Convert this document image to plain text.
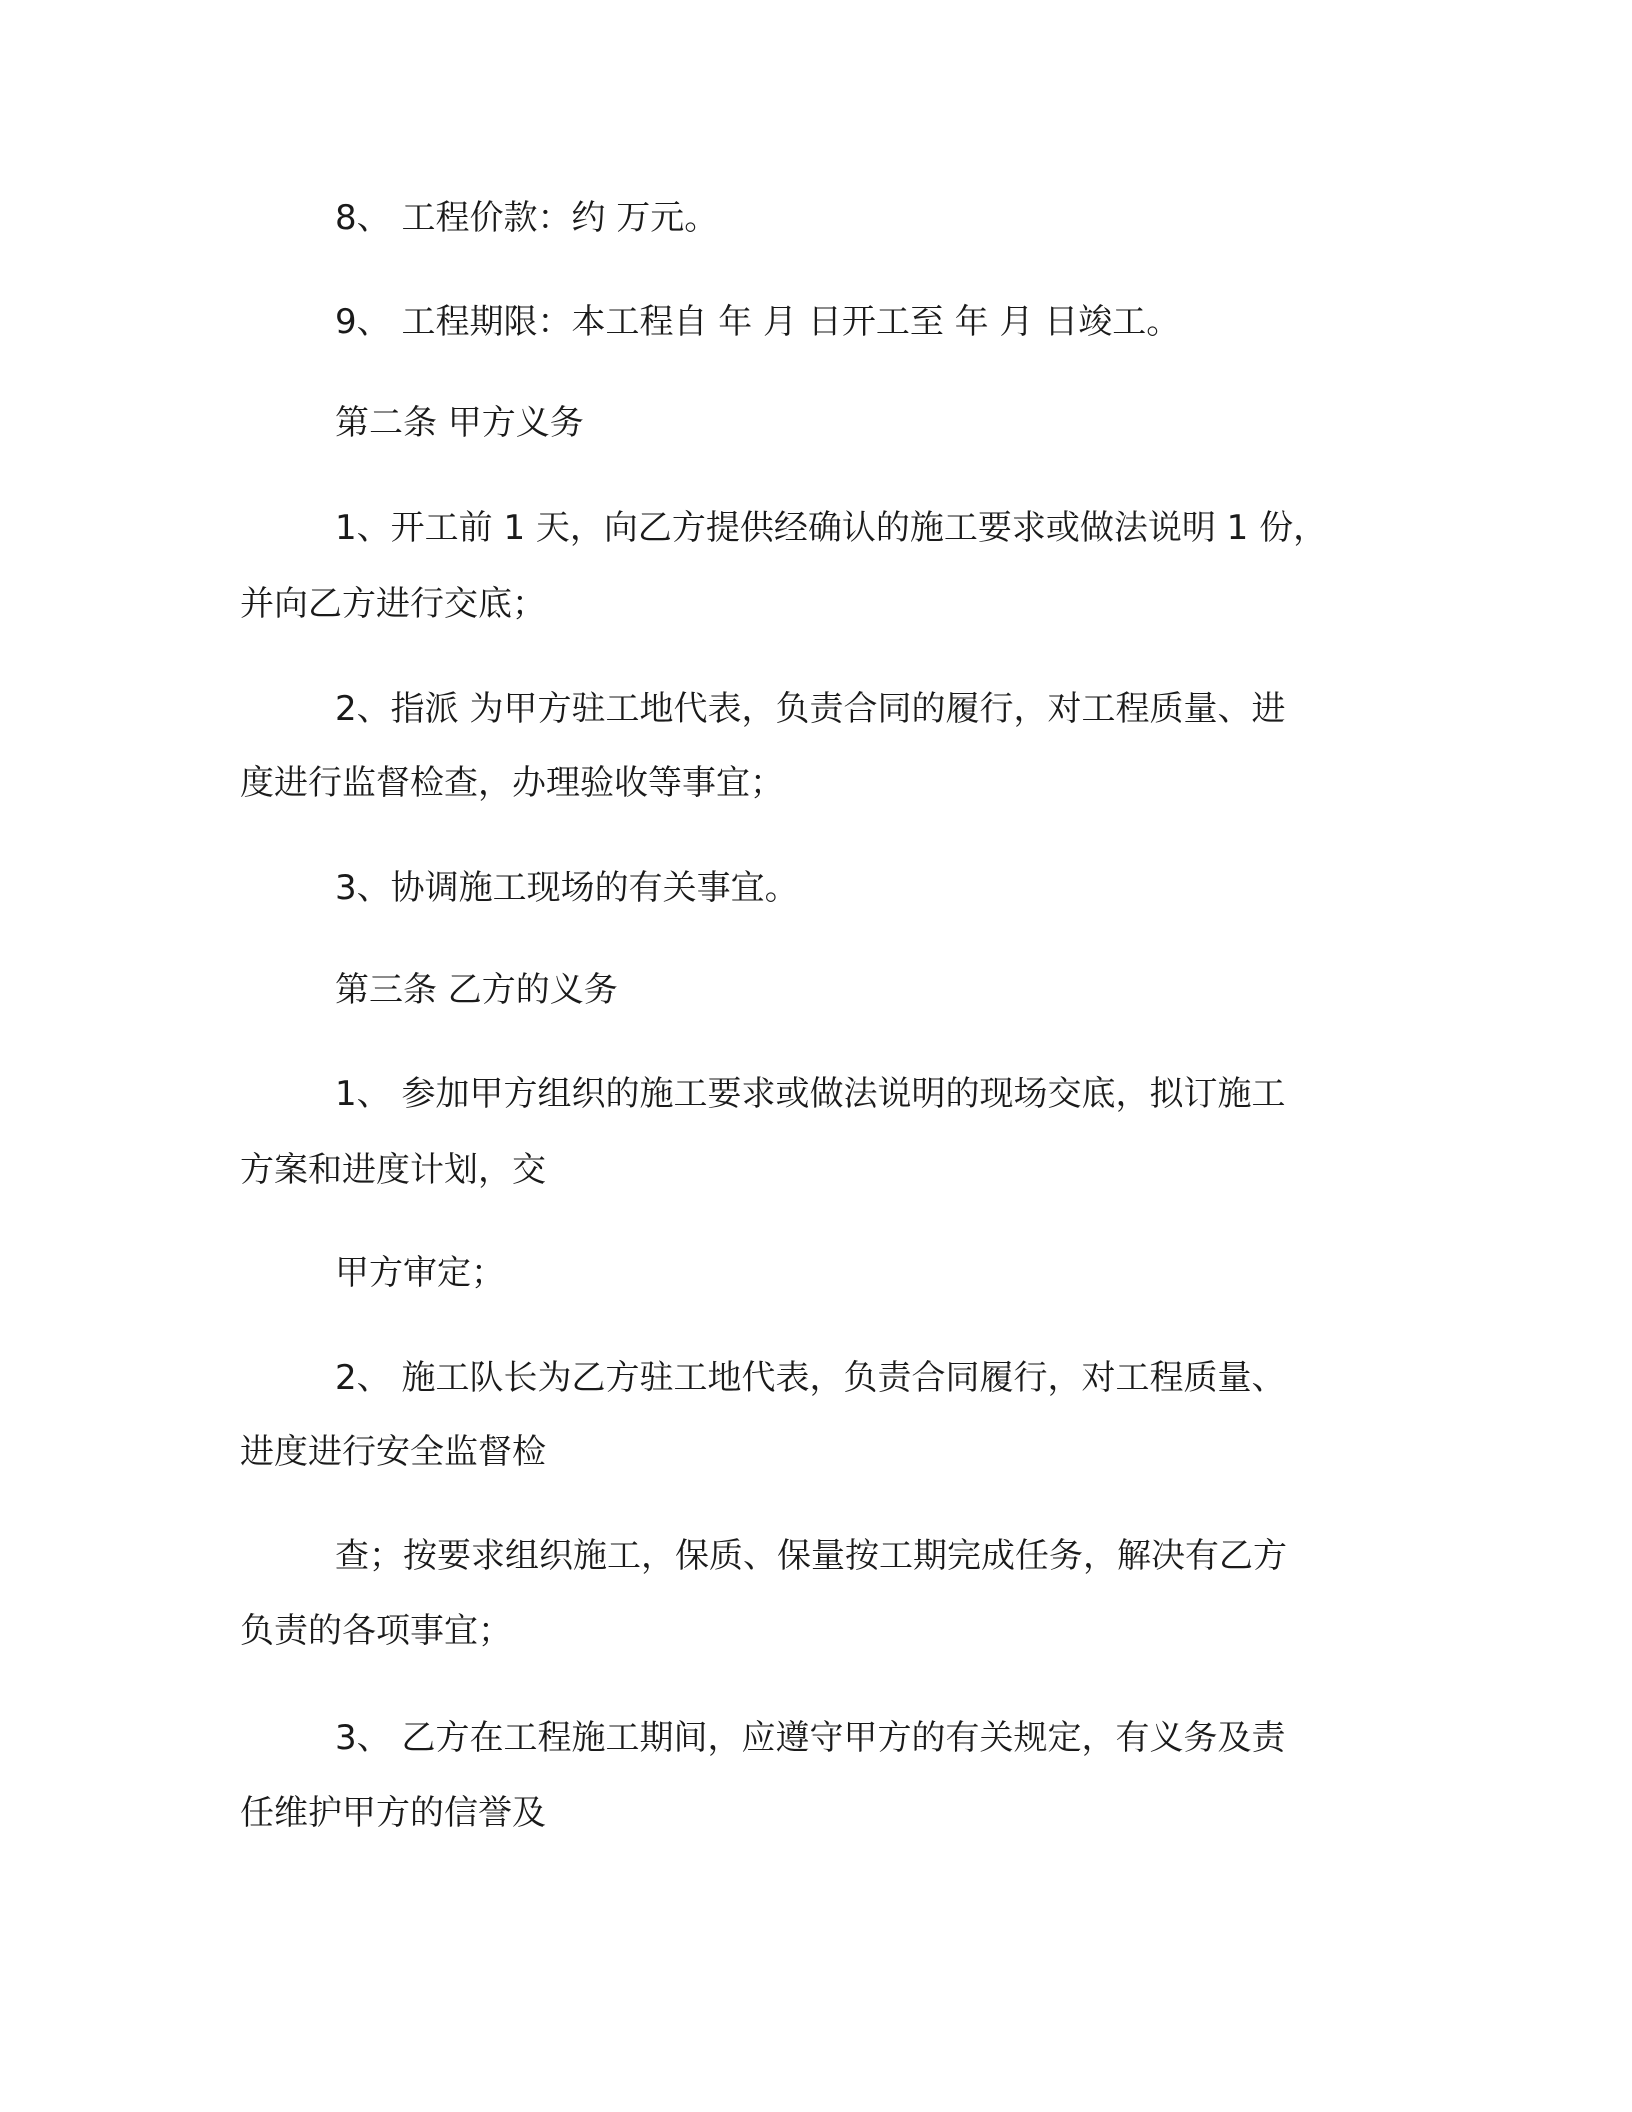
8、 工程价款：约 万元。
9、 工程期限：本工程自 年 月 日开工至 年 月 日竣工。
第二条 甲方义务
1、开工前 1 天，向乙方提供经确认的施工要求或做法说明 1 份，
并向乙方进行交底；
2、指派 为甲方驻工地代表，负责合同的履行，对工程质量、进
度进行监督检查，办理验收等事宜；
3、协调施工现场的有关事宜。
第三条 乙方的义务
1、 参加甲方组织的施工要求或做法说明的现场交底，拟订施工
方案和进度计划，交
甲方审定；
2、 施工队长为乙方驻工地代表，负责合同履行，对工程质量、
进度进行安全监督检
查；按要求组织施工，保质、保量按工期完成任务，解决有乙方
负责的各项事宜；
3、 乙方在工程施工期间，应遵守甲方的有关规定，有义务及责
任维护甲方的信誉及
